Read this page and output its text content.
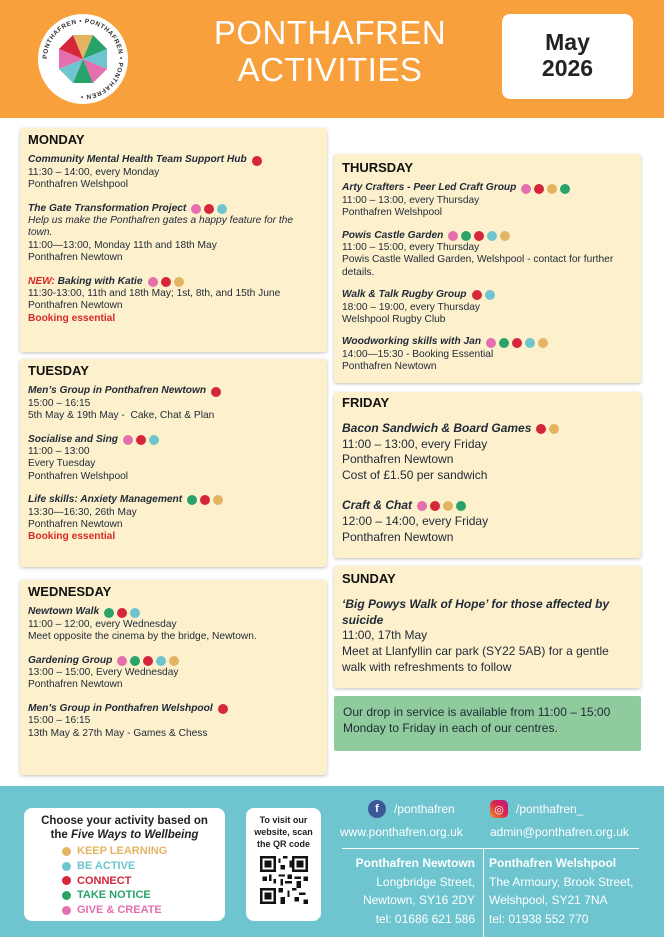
PONTHAFREN • PONTHAFREN • PONTHAFREN •
PONTHAFREN
ACTIVITIES
May
2026
MONDAY
Community Mental Health Team Support Hub
11:30 – 14:00, every Monday
Ponthafren Welshpool
The Gate Transformation Project
Help us make the Ponthafren gates a happy feature for the town.
11:00—13:00, Monday 11th and 18th May
Ponthafren Newtown
NEW: Baking with Katie
11:30-13:00, 11th and 18th May; 1st, 8th, and 15th June
Ponthafren Newtown
Booking essential
TUESDAY
Men’s Group in Ponthafren Newtown
15:00 – 16:15
5th May & 19th May -  Cake, Chat & Plan
Socialise and Sing
11:00 – 13:00
Every Tuesday
Ponthafren Welshpool
Life skills: Anxiety Management
13:30—16:30, 26th May
Ponthafren Newtown
Booking essential
WEDNESDAY
Newtown Walk
11:00 – 12:00, every Wednesday
Meet opposite the cinema by the bridge, Newtown.
Gardening Group
13:00 – 15:00, Every Wednesday
Ponthafren Newtown
Men’s Group in Ponthafren Welshpool
15:00 – 16:15
13th May & 27th May - Games & Chess
THURSDAY
Arty Crafters - Peer Led Craft Group
11:00 – 13:00, every Thursday
Ponthafren Welshpool
Powis Castle Garden
11:00 – 15:00, every Thursday
Powis Castle Walled Garden, Welshpool - contact for further details.
Walk & Talk Rugby Group
18:00 – 19:00, every Thursday
Welshpool Rugby Club
Woodworking skills with Jan
14:00—15:30 - Booking Essential
Ponthafren Newtown
FRIDAY
Bacon Sandwich & Board Games
11:00 – 13:00, every Friday
Ponthafren Newtown
Cost of £1.50 per sandwich
Craft & Chat
12:00 – 14:00, every Friday
Ponthafren Newtown
SUNDAY
‘Big Powys Walk of Hope’ for those affected by suicide
11:00, 17th May
Meet at Llanfyllin car park (SY22 5AB) for a gentle walk with refreshments to follow
Our drop in service is available from 11:00 – 15:00 Monday to Friday in each of our centres.
Choose your activity based on
the Five Ways to Wellbeing
KEEP LEARNING
BE ACTIVE
CONNECT
TAKE NOTICE
GIVE & CREATE
To visit our website, scan the QR code
f	/ponthafren	◎	/ponthafren_
www.ponthafren.org.uk admin@ponthafren.org.uk
Ponthafren Newtown
Longbridge Street,
Newtown, SY16 2DY
tel: 01686 621 586
Ponthafren Welshpool
The Armoury, Brook Street,
Welshpool, SY21 7NA
tel: 01938 552 770
